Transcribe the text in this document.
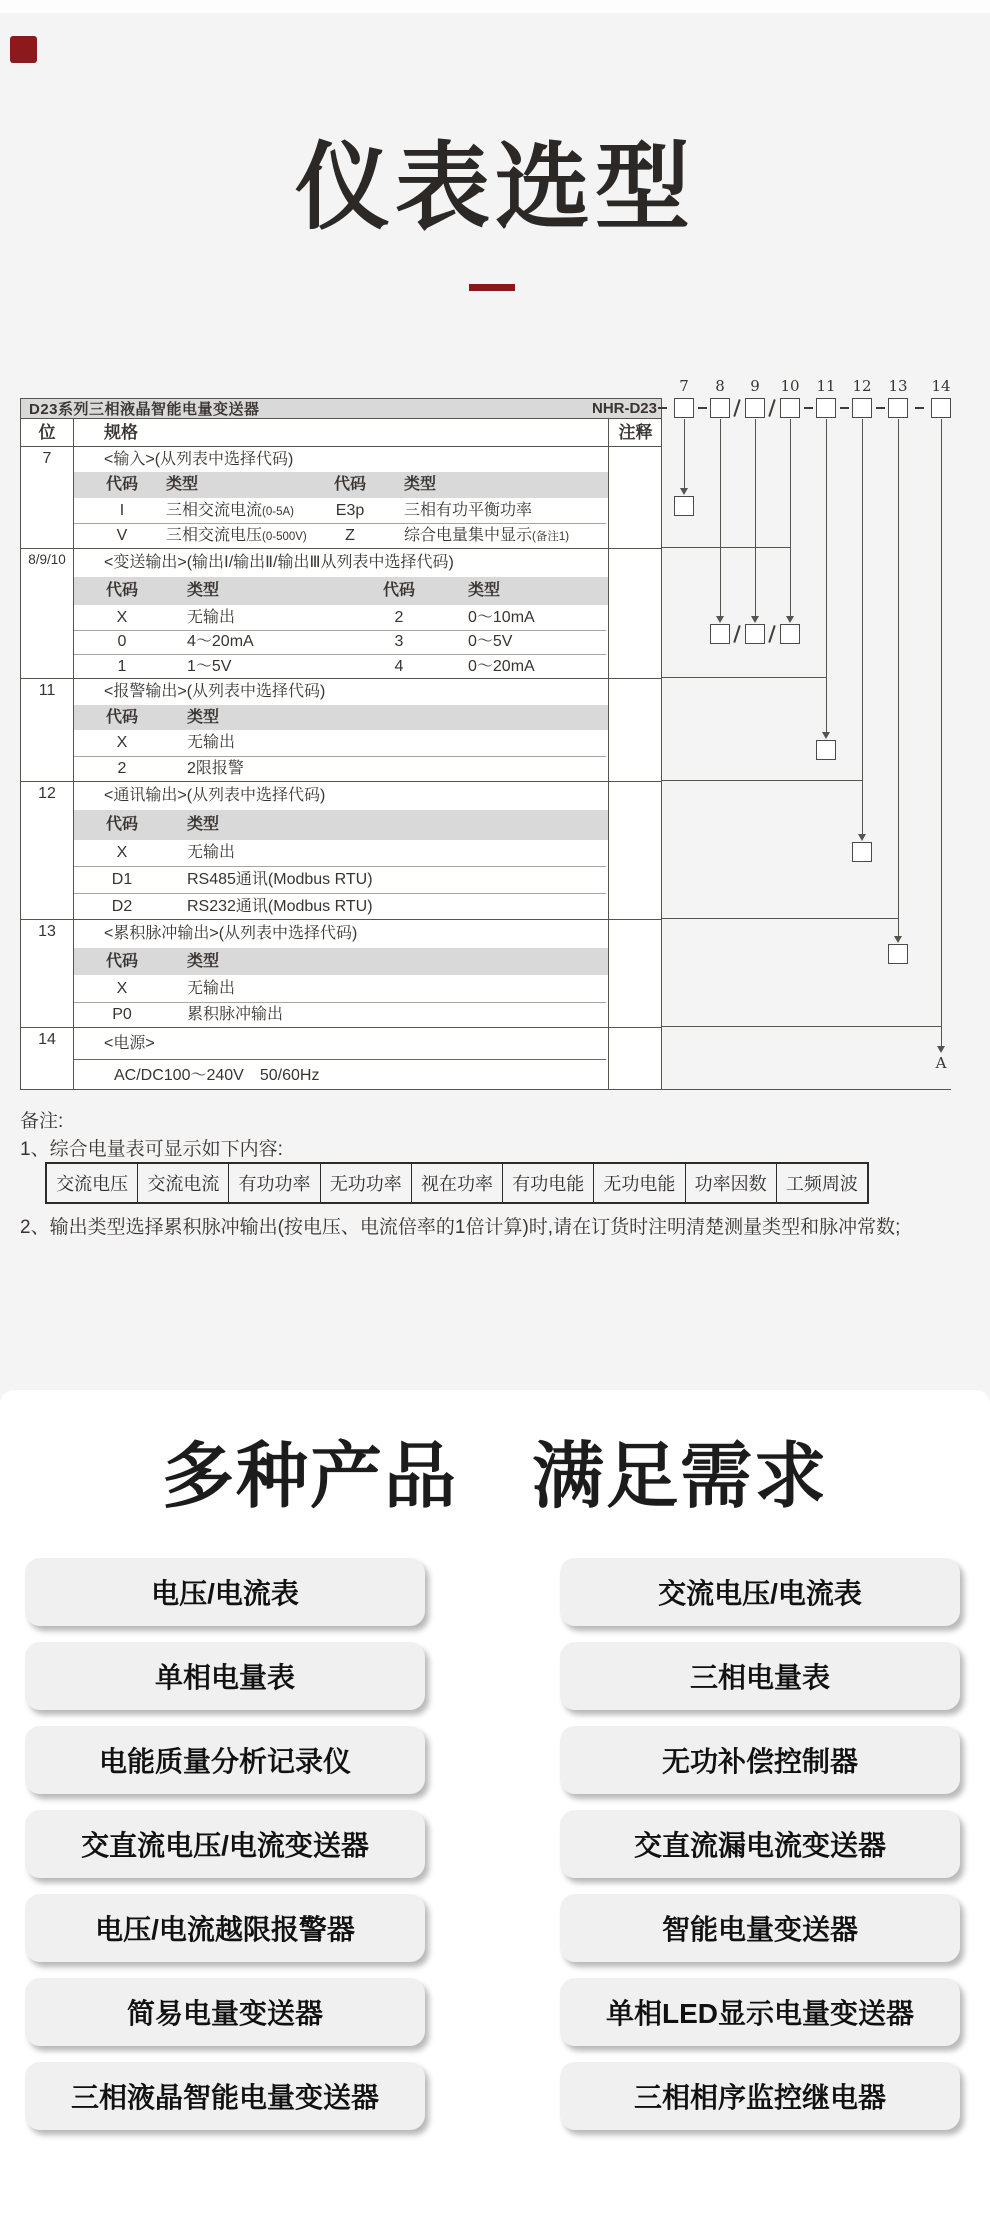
仪表选型
D23系列三相液晶智能电量变送器	NHR-D23
位	规格	注释
7	<输入>(从列表中选择代码)
代码	类型	代码	类型
I	三相交流电流(0-5A)	E3p	三相有功平衡功率
V	三相交流电压(0-500V)	Z	综合电量集中显示(备注1)
8/9/10	<变送输出>(输出Ⅰ/输出Ⅱ/输出Ⅲ从列表中选择代码)
代码	类型	代码	类型
X	无输出	2	0～10mA
0	4～20mA	3	0～5V
1	1～5V	4	0～20mA
11	<报警输出>(从列表中选择代码)
代码	类型
X	无输出
2	2限报警
12	<通讯输出>(从列表中选择代码)
代码	类型
X	无输出
D1	RS485通讯(Modbus RTU)
D2	RS232通讯(Modbus RTU)
13	<累积脉冲输出>(从列表中选择代码)
代码	类型
X	无输出
P0	累积脉冲输出
14	<电源>
AC/DC100～240V　50/60Hz
7	8	9	10 11 12 13 14
A
备注:
1、综合电量表可显示如下内容:
交流电压	交流电流	有功功率	无功功率	视在功率	有功电能	无功电能	功率因数	工频周波
2、输出类型选择累积脉冲输出(按电压、电流倍率的1倍计算)时,请在订货时注明清楚测量类型和脉冲常数;
多种产品　满足需求
电压/电流表
单相电量表
电能质量分析记录仪
交直流电压/电流变送器
电压/电流越限报警器
简易电量变送器
三相液晶智能电量变送器
交流电压/电流表
三相电量表
无功补偿控制器
交直流漏电流变送器
智能电量变送器
单相LED显示电量变送器
三相相序监控继电器
